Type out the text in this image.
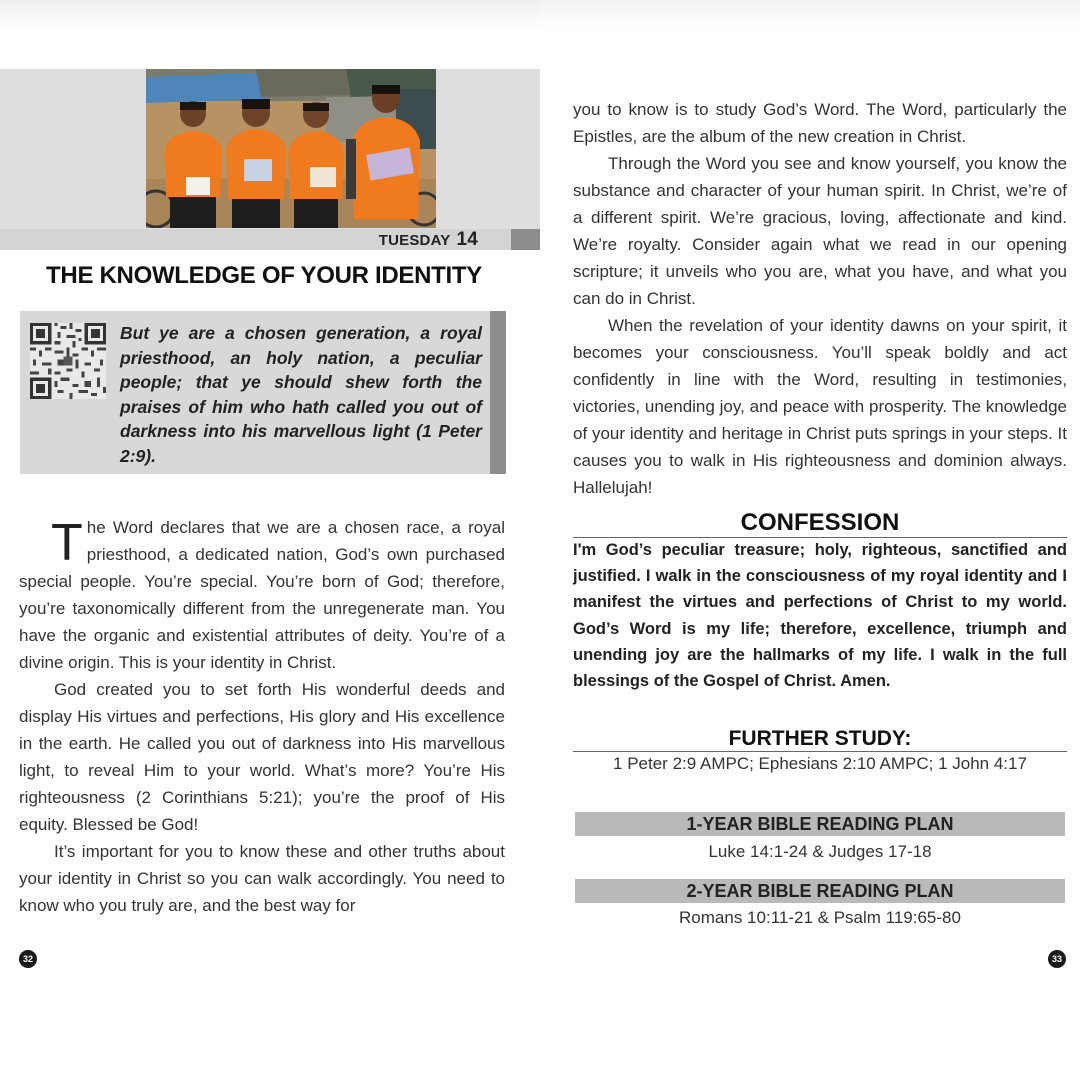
TUESDAY 14
THE KNOWLEDGE OF YOUR IDENTITY
But ye are a chosen generation, a royal priesthood, an holy nation, a peculiar people; that ye should shew forth the praises of him who hath called you out of darkness into his marvellous light (1 Peter 2:9).

The Word declares that we are a chosen race, a royal priesthood, a dedicated nation, God’s own purchased special people. You’re special. You’re born of God; therefore, you’re taxonomically different from the unregenerate man. You have the organic and existential attributes of deity. You’re of a divine origin. This is your identity in Christ.

God created you to set forth His wonderful deeds and display His virtues and perfections, His glory and His excellence in the earth. He called you out of darkness into His marvellous light, to reveal Him to your world. What’s more? You’re His righteousness (2 Corinthians 5:21); you’re the proof of His equity. Blessed be God!

It’s important for you to know these and other truths about your identity in Christ so you can walk accordingly. You need to know who you truly are, and the best way for

32

you to know is to study God’s Word. The Word, particularly the Epistles, are the album of the new creation in Christ.

Through the Word you see and know yourself, you know the substance and character of your human spirit. In Christ, we’re of a different spirit. We’re gracious, loving, affectionate and kind. We’re royalty. Consider again what we read in our opening scripture; it unveils who you are, what you have, and what you can do in Christ.

When the revelation of your identity dawns on your spirit, it becomes your consciousness. You’ll speak boldly and act confidently in line with the Word, resulting in testimonies, victories, unending joy, and peace with prosperity. The knowledge of your identity and heritage in Christ puts springs in your steps. It causes you to walk in His righteousness and dominion always. Hallelujah!

CONFESSION
I'm God’s peculiar treasure; holy, righteous, sanctified and justified. I walk in the consciousness of my royal identity and I manifest the virtues and perfections of Christ to my world. God’s Word is my life; therefore, excellence, triumph and unending joy are the hallmarks of my life. I walk in the full blessings of the Gospel of Christ. Amen.
FURTHER STUDY:
1 Peter 2:9 AMPC; Ephesians 2:10 AMPC; 1 John 4:17
1-YEAR BIBLE READING PLAN
Luke 14:1-24 & Judges 17-18
2-YEAR BIBLE READING PLAN
Romans 10:11-21 & Psalm 119:65-80
33
